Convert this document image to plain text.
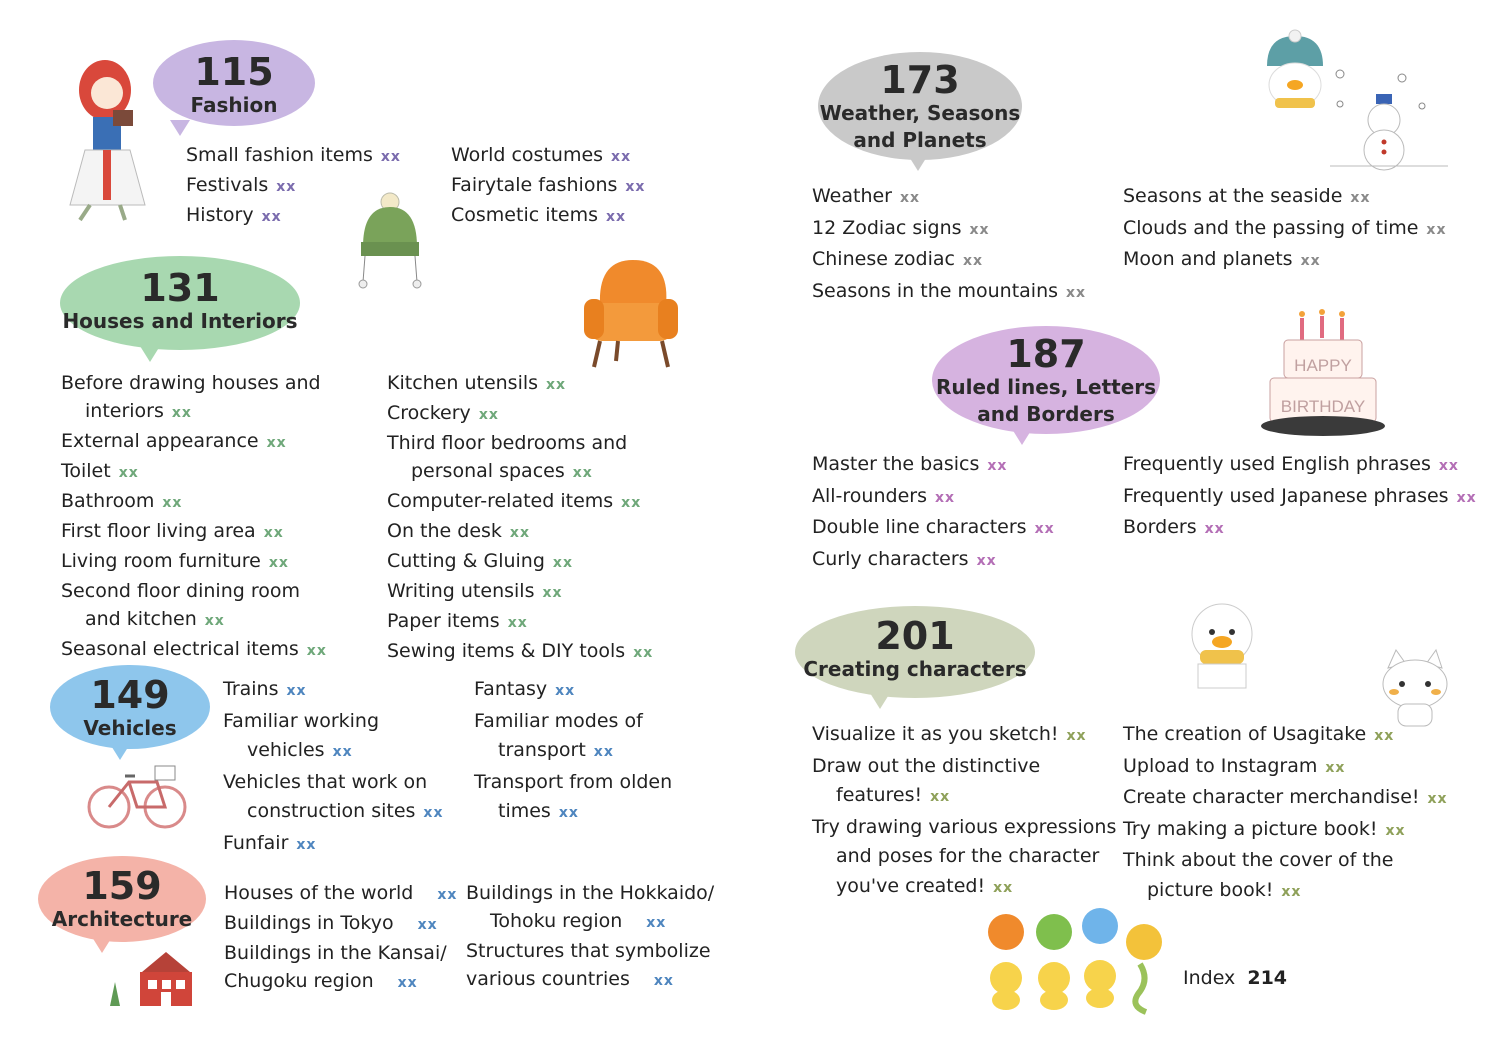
115
Fashion
Small fashion items xx
Festivals xx
History xx
World costumes xx
Fairytale fashions xx
Cosmetic items xx
131
Houses and Interiors
Before drawing houses and
interiors xx
External appearance xx
Toilet xx
Bathroom xx
First floor living area xx
Living room furniture xx
Second floor dining room
and kitchen xx
Seasonal electrical items xx
Kitchen utensils xx
Crockery xx
Third floor bedrooms and
personal spaces xx
Computer-related items xx
On the desk xx
Cutting & Gluing xx
Writing utensils xx
Paper items xx
Sewing items & DIY tools xx
149
Vehicles
Trains xx
Familiar working
vehicles xx
Vehicles that work on
construction sites xx
Funfair xx
Fantasy xx
Familiar modes of
transport xx
Transport from olden
times xx
159
Architecture
Houses of the world xx
Buildings in Tokyo xx
Buildings in the Kansai/
Chugoku region xx
Buildings in the Hokkaido/
Tohoku region xx
Structures that symbolize
various countries xx
173
Weather, Seasons
and Planets
Weather xx
12 Zodiac signs xx
Chinese zodiac xx
Seasons in the mountains xx
Seasons at the seaside xx
Clouds and the passing of time xx
Moon and planets xx
187
Ruled lines, Letters
and Borders
HAPPY
BIRTHDAY
Master the basics xx
All-rounders xx
Double line characters xx
Curly characters xx
Frequently used English phrases xx
Frequently used Japanese phrases xx
Borders xx
201
Creating characters
Visualize it as you sketch! xx
Draw out the distinctive
features! xx
Try drawing various expressions
and poses for the character
you've created! xx
The creation of Usagitake xx
Upload to Instagram xx
Create character merchandise! xx
Try making a picture book! xx
Think about the cover of the
picture book! xx
Index 214
